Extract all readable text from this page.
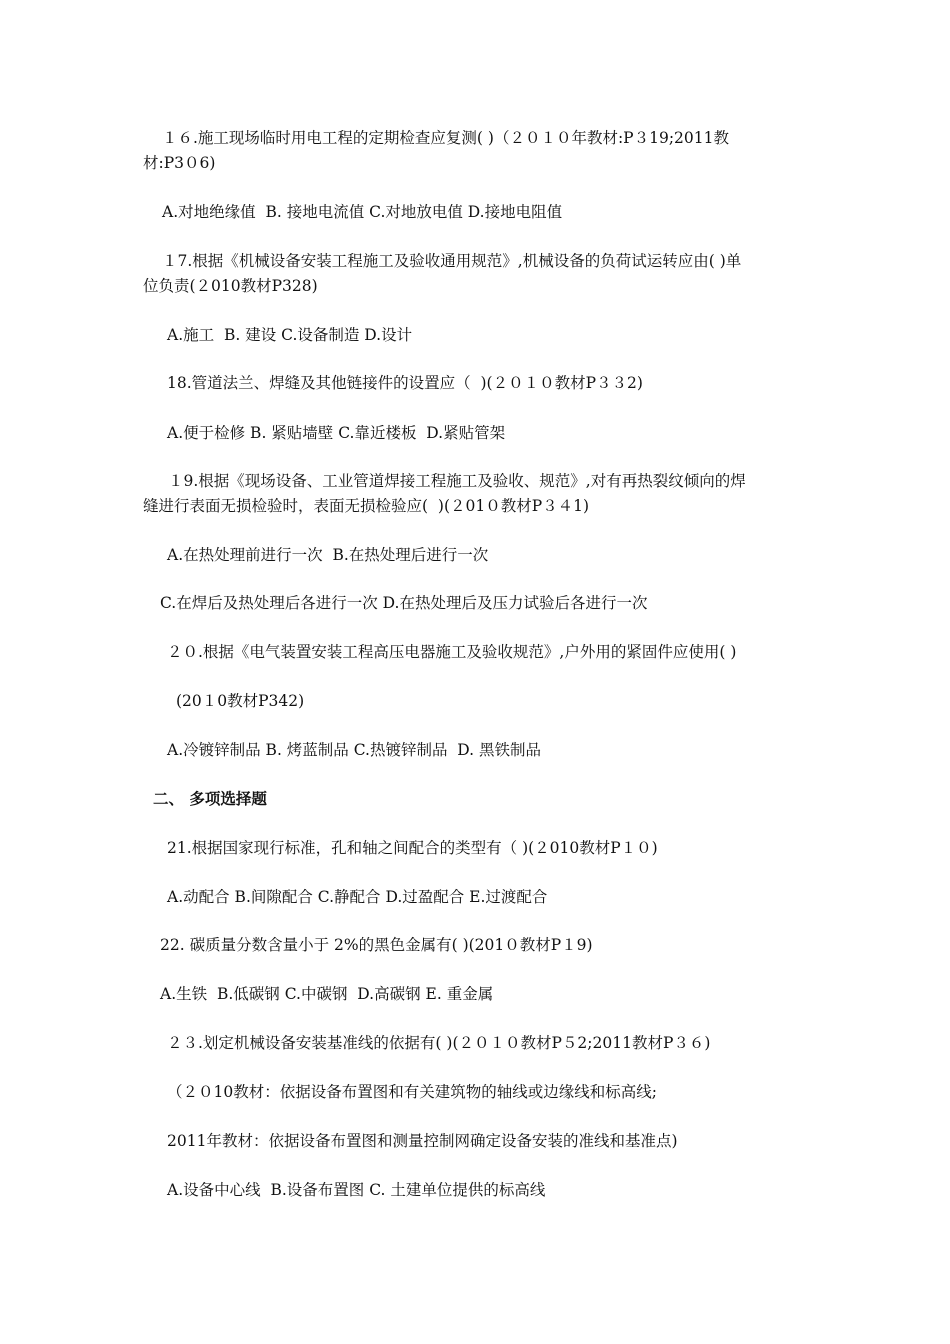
１６.施工现场临时用电工程的定期检查应复测( )（２０１０年教材:P３19;2011教

材:P3０6)

A.对地绝缘值  B. 接地电流值 C.对地放电值 D.接地电阻值

１7.根据《机械设备安装工程施工及验收通用规范》,机械设备的负荷试运转应由( )单

位负责(２010教材P328)

A.施工  B. 建设 C.设备制造 D.设计

18.管道法兰、焊缝及其他链接件的设置应（  )(２０１０教材P３３2)

A.便于检修 B. 紧贴墙壁 C.靠近楼板  D.紧贴管架

１9.根据《现场设备、工业管道焊接工程施工及验收、规范》,对有再热裂纹倾向的焊

缝进行表面无损检验时，表面无损检验应(  )(２01０教材P３４1)

A.在热处理前进行一次  B.在热处理后进行一次

C.在焊后及热处理后各进行一次 D.在热处理后及压力试验后各进行一次

２０.根据《电气装置安装工程高压电器施工及验收规范》,户外用的紧固件应使用( )

(20１0教材P342)

A.冷镀锌制品 B. 烤蓝制品 C.热镀锌制品  D. 黑铁制品

二、 多项选择题

21.根据国家现行标准，孔和轴之间配合的类型有（ )(２010教材P１０)

A.动配合 B.间隙配合 C.静配合 D.过盈配合 E.过渡配合

22. 碳质量分数含量小于 2%的黑色金属有( )(201０教材P１9)

A.生铁  B.低碳钢 C.中碳钢  D.高碳钢 E. 重金属

２３.划定机械设备安装基准线的依据有( )(２０１０教材P５2;2011教材P３６)

（２０10教材：依据设备布置图和有关建筑物的轴线或边缘线和标高线;

2011年教材：依据设备布置图和测量控制网确定设备安装的准线和基准点)

A.设备中心线  B.设备布置图 C. 土建单位提供的标高线
